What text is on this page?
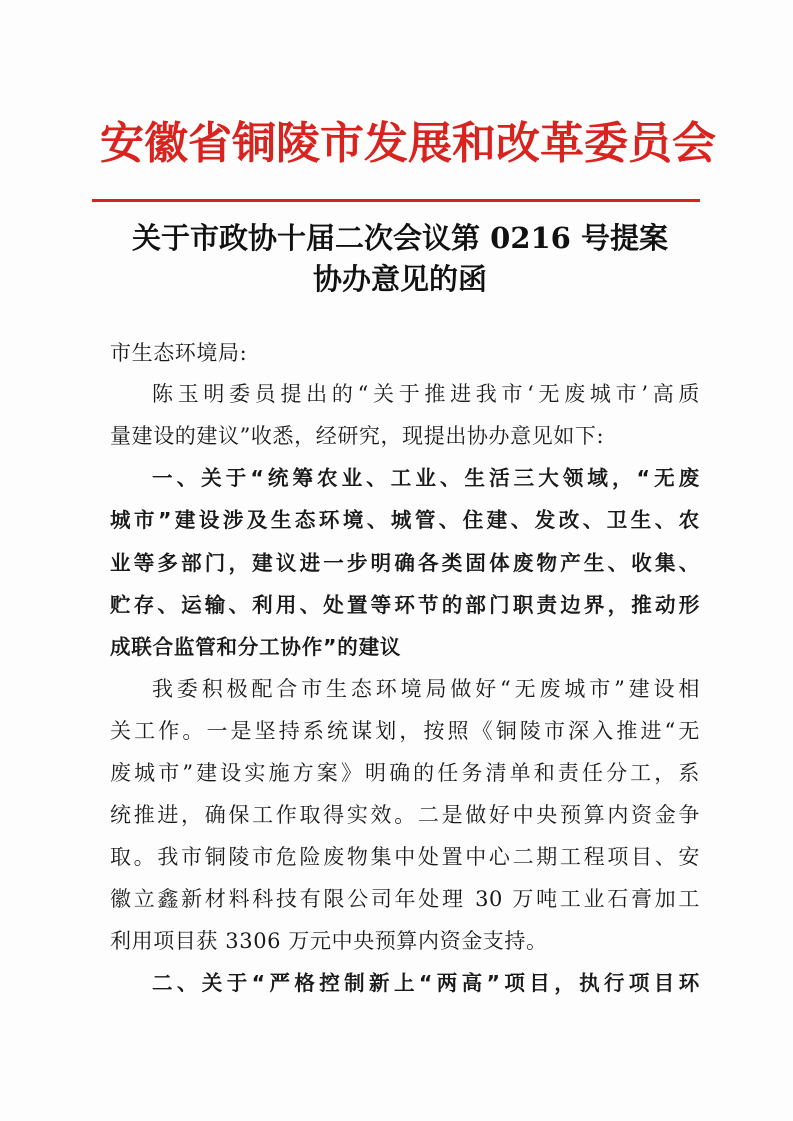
安徽省铜陵市发展和改革委员会
关于市政协十届二次会议第 0216 号提案
协办意见的函
市生态环境局:
陈玉明委员提出的“关于推进我市‘无废城市’高质
量建设的建议”收悉，经研究，现提出协办意见如下:
一、关于“统筹农业、工业、生活三大领域，“无废
城市”建设涉及生态环境、城管、住建、发改、卫生、农
业等多部门，建议进一步明确各类固体废物产生、收集、
贮存、运输、利用、处置等环节的部门职责边界，推动形
成联合监管和分工协作”的建议
我委积极配合市生态环境局做好“无废城市”建设相
关工作。一是坚持系统谋划，按照《铜陵市深入推进“无
废城市”建设实施方案》明确的任务清单和责任分工，系
统推进，确保工作取得实效。二是做好中央预算内资金争
取。我市铜陵市危险废物集中处置中心二期工程项目、安
徽立鑫新材料科技有限公司年处理 30 万吨工业石膏加工
利用项目获 3306 万元中央预算内资金支持。
二、关于“严格控制新上“两高”项目，执行项目环
